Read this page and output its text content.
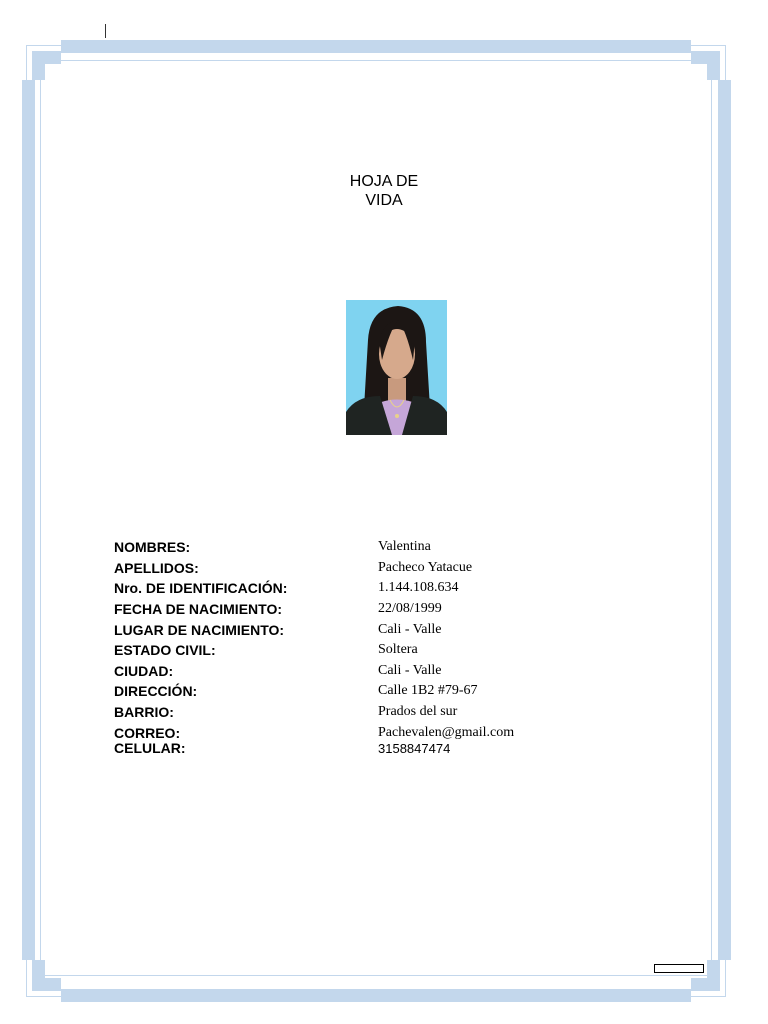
HOJA DE
VIDA
NOMBRES:	Valentina
APELLIDOS:	Pacheco Yatacue
Nro. DE IDENTIFICACIÓN:	1.144.108.634
FECHA DE NACIMIENTO:	22/08/1999
LUGAR DE NACIMIENTO:	Cali - Valle
ESTADO CIVIL:	Soltera
CIUDAD:	Cali - Valle
DIRECCIÓN:	Calle 1B2 #79-67
BARRIO:	Prados del sur
CORREO:	Pachevalen@gmail.com
CELULAR:	3158847474
